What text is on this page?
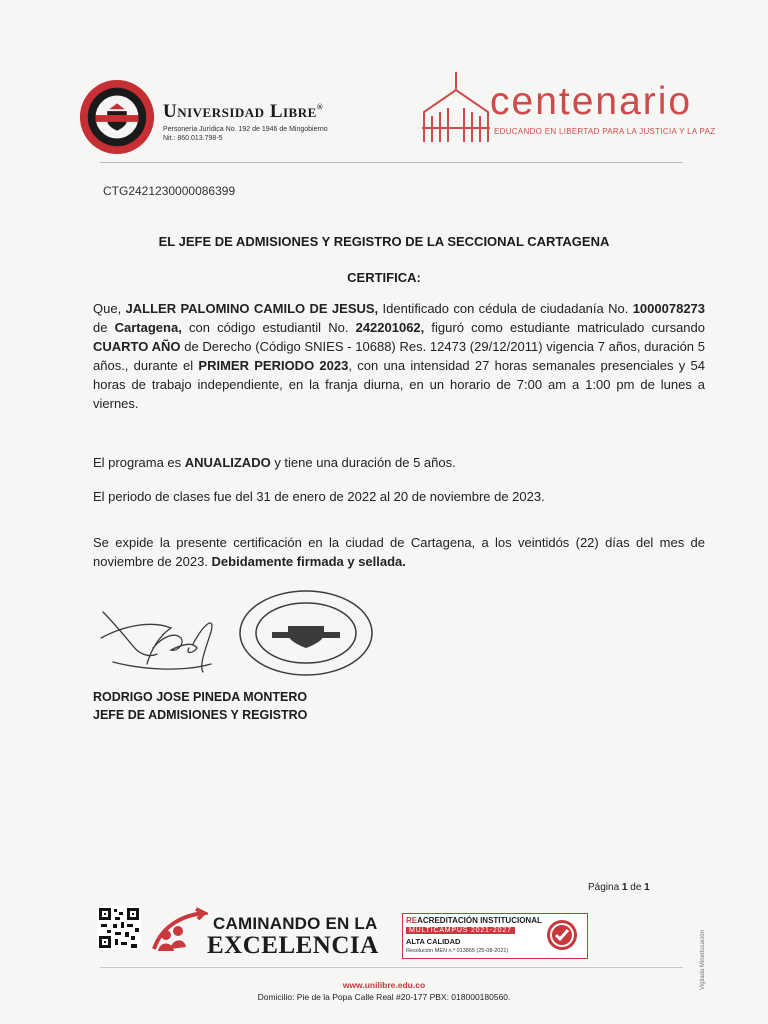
Universidad Libre®
Personería Jurídica No. 192 de 1946 de Mingobierno
Nit.: 860.013.798-5
centenario
EDUCANDO EN LIBERTAD PARA LA JUSTICIA Y LA PAZ
CTG2421230000086399
EL JEFE DE ADMISIONES Y REGISTRO DE LA SECCIONAL CARTAGENA
CERTIFICA:
Que, JALLER PALOMINO CAMILO DE JESUS, Identificado con cédula de ciudadanía No. 1000078273 de Cartagena, con código estudiantil No. 242201062, figuró como estudiante matriculado cursando CUARTO AÑO de Derecho (Código SNIES - 10688) Res. 12473 (29/12/2011) vigencia 7 años, duración 5 años., durante el PRIMER PERIODO 2023, con una intensidad 27 horas semanales presenciales y 54 horas de trabajo independiente, en la franja diurna, en un horario de 7:00 am a 1:00 pm de lunes a viernes.
El programa es ANUALIZADO y tiene una duración de 5 años.
El periodo de clases fue del 31 de enero de 2022 al 20 de noviembre de 2023.
Se expide la presente certificación en la ciudad de Cartagena, a los veintidós (22) días del mes de noviembre de 2023. Debidamente firmada y sellada.
RODRIGO JOSE PINEDA MONTERO
JEFE DE ADMISIONES Y REGISTRO
Página 1 de 1
CAMINANDO EN LA
EXCELENCIA
REACREDITACIÓN INSTITUCIONAL
MULTICAMPUS 2021-2027
ALTA CALIDAD
Resolución MEN n.º 013865 (25-08-2021)	Vigilada Mineducación
www.unilibre.edu.co
Domicilio: Pie de la Popa Calle Real #20-177 PBX: 018000180560.
